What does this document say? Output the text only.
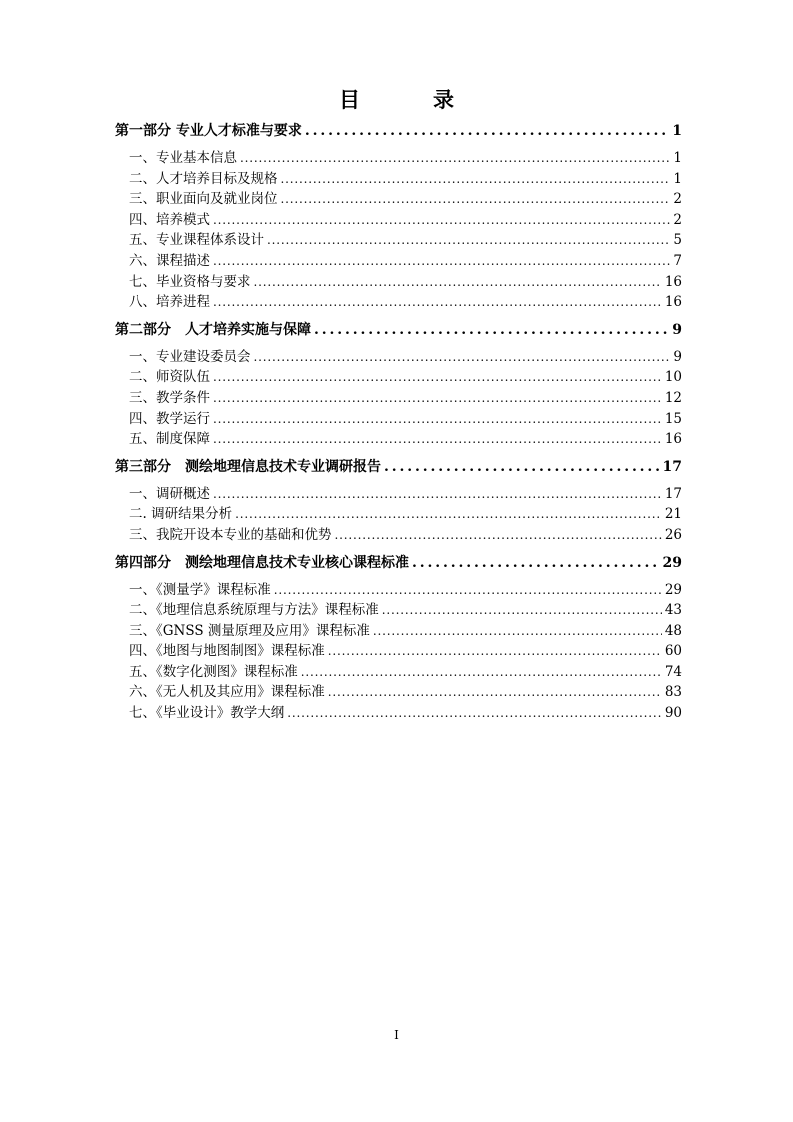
目　录
第一部分 专业人才标准与要求 . . .	1
一、专业基本信息 . . .	1
二、人才培养目标及规格 . . .	1
三、职业面向及就业岗位 . . .	2
四、培养模式 . . .	2
五、专业课程体系设计 . . .	5
六、课程描述 . . .	7
七、毕业资格与要求 . . .	16
八、培养进程 . . .	16
第二部分　人才培养实施与保障 . . .	9
一、专业建设委员会 . . .	9
二、师资队伍 . . .	10
三、教学条件 . . .	12
四、教学运行 . . .	15
五、制度保障 . . .	16
第三部分　测绘地理信息技术专业调研报告 . . .	17
一、调研概述 . . .	17
二. 调研结果分析 . . .	21
三、我院开设本专业的基础和优势 . . .	26
第四部分　测绘地理信息技术专业核心课程标准 . . .	29
一、《测量学》课程标准 . . .	29
二、《地理信息系统原理与方法》课程标准 . . .	43
三、《GNSS 测量原理及应用》课程标准 . . .	48
四、《地图与地图制图》课程标准 . . .	60
五、《数字化测图》课程标准 . . .	74
六、《无人机及其应用》课程标准 . . .	83
七、《毕业设计》教学大纲 . . .	90
I
